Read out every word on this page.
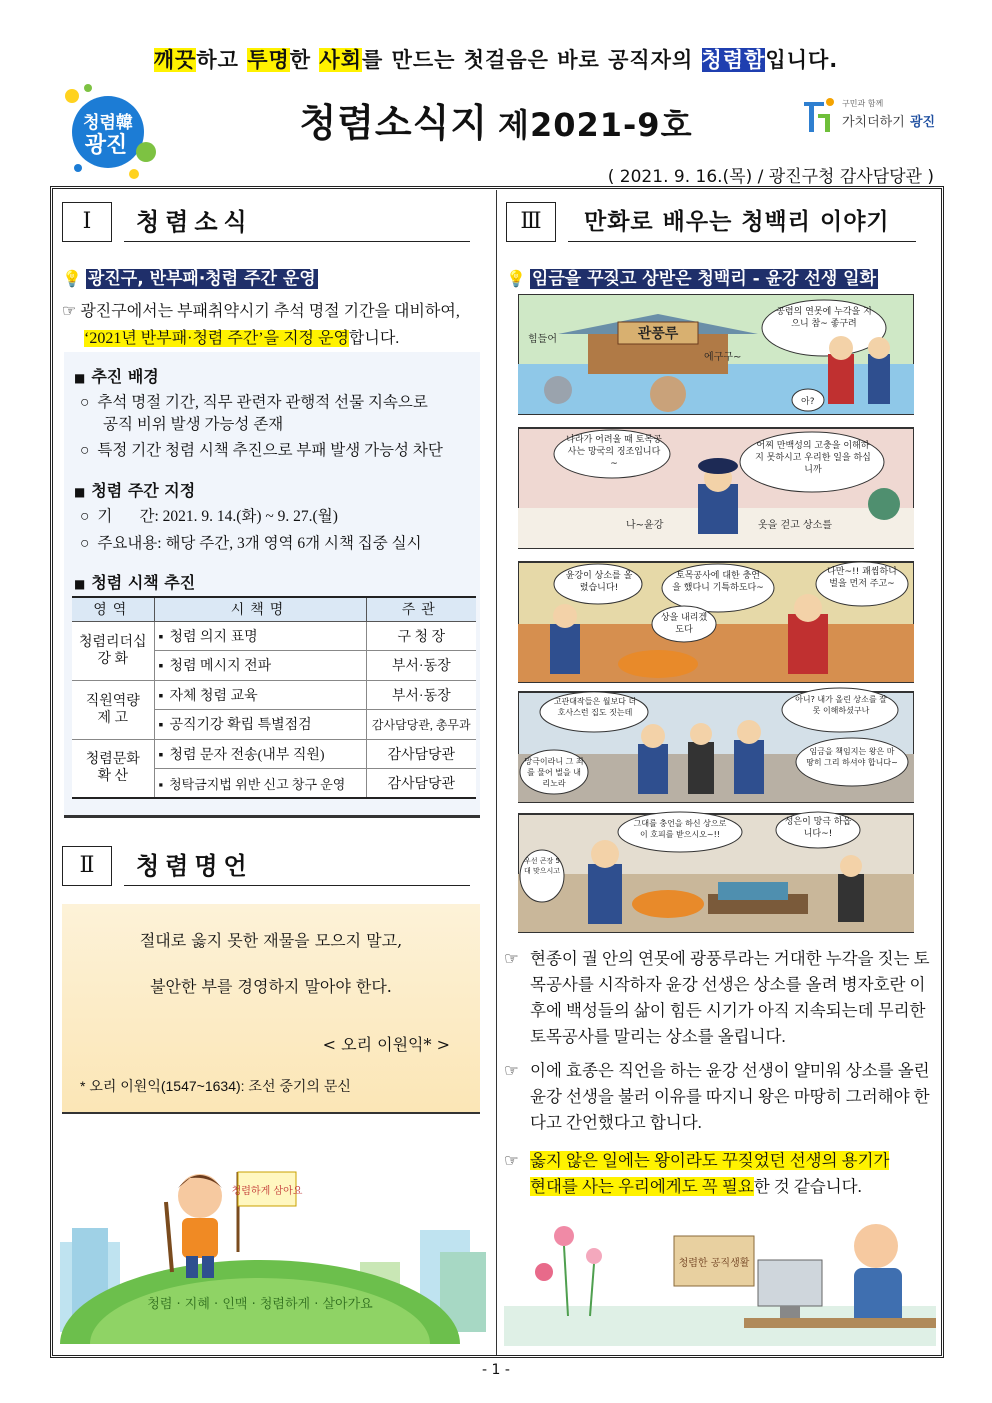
깨끗하고 투명한 사회를 만드는 첫걸음은 바로 공직자의 청렴함입니다.
청렴韓
광진
청렴소식지 제2021-9호
구민과 함께
가치더하기 광진
( 2021. 9. 16.(목) / 광진구청 감사담당관 )
Ⅰ	청렴소식
💡 광진구, 반부패·청렴 주간 운영
☞ 광진구에서는 부패취약시기 추석 명절 기간을 대비하여,
‘2021년 반부패·청렴 주간’을 지정 운영합니다.
■ 추진 배경
○ 추석 명절 기간, 직무 관련자 관행적 선물 지속으로
공직 비위 발생 가능성 존재
○ 특정 기간 청렴 시책 추진으로 부패 발생 가능성 차단
■ 청렴 주간 지정
○ 기       간: 2021. 9. 14.(화) ~ 9. 27.(월)
○ 주요내용: 해당 주간, 3개 영역 6개 시책 집중 실시
■ 청렴 시책 추진
영역	시책명	주관
청렴리더십
강 화	▪ 청렴 의지 표명	구 청 장
	▪ 청렴 메시지 전파	부서·동장
직원역량
제 고	▪ 자체 청렴 교육	부서·동장
	▪ 공직기강 확립 특별점검	감사담당관, 총무과
청렴문화
확 산	▪ 청렴 문자 전송(내부 직원)	감사담당관
	▪ 청탁금지법 위반 신고 창구 운영	감사담당관
Ⅱ	청렴명언
절대로 옳지 못한 재물을 모으지 말고,
불안한 부를 경영하지 말아야 한다.
< 오리 이원익* >
* 오리 이원익(1547~1634): 조선 중기의 문신
청렴 · 지혜 · 인맥 · 청렴하게 · 살아가요
청렴하게 삼아요
Ⅲ	만화로 배우는 청백리 이야기
💡 임금을 꾸짖고 상받은 청백리 - 윤강 선생 일화
관풍루
힘들어
공렴의 연못에 누각을 지으니 참~ 좋구려
에구구~
아?
나라가 어려울 때 토목공사는 망국의 징조입니다~
어찌 만백성의 고충을 이해하지 못하시고 우리한 일을 하십니까
나~윤강	옷을 걷고 상소를
윤강이 상소를 올렸습니다!
토목공사에 대한 충언을 했다니 기특하도다~
상을 내리겠도다
다만~!! 괘씸하니 벌을 먼저 주고~
고관대작들은 월보다 더 호사스런 집도 짓는데
아니? 내가 올린 상소를 잘못 이해하셨구나
임금을 책임지는 왕은 마땅히 그리 하셔야 합니다~
망극이라니 그 죄를 물어 벌을 내리노라
그대를 충언을 하신 상으로 이 호피를 받으시오~!!
성은이 망극 하옵니다~!
우선 곤장 5대 맞으시고
☞ 현종이 궐 안의 연못에 광풍루라는 거대한 누각을 짓는 토목공사를 시작하자 윤강 선생은 상소를 올려 병자호란 이후에 백성들의 삶이 힘든 시기가 아직 지속되는데 무리한 토목공사를 말리는 상소를 올립니다.
☞ 이에 효종은 직언을 하는 윤강 선생이 얄미워 상소를 올린 윤강 선생을 불러 이유를 따지니 왕은 마땅히 그러해야 한다고 간언했다고 합니다.
☞ 옳지 않은 일에는 왕이라도 꾸짖었던 선생의 용기가
현대를 사는 우리에게도 꼭 필요한 것 같습니다.
청렴한 공직생활
- 1 -
